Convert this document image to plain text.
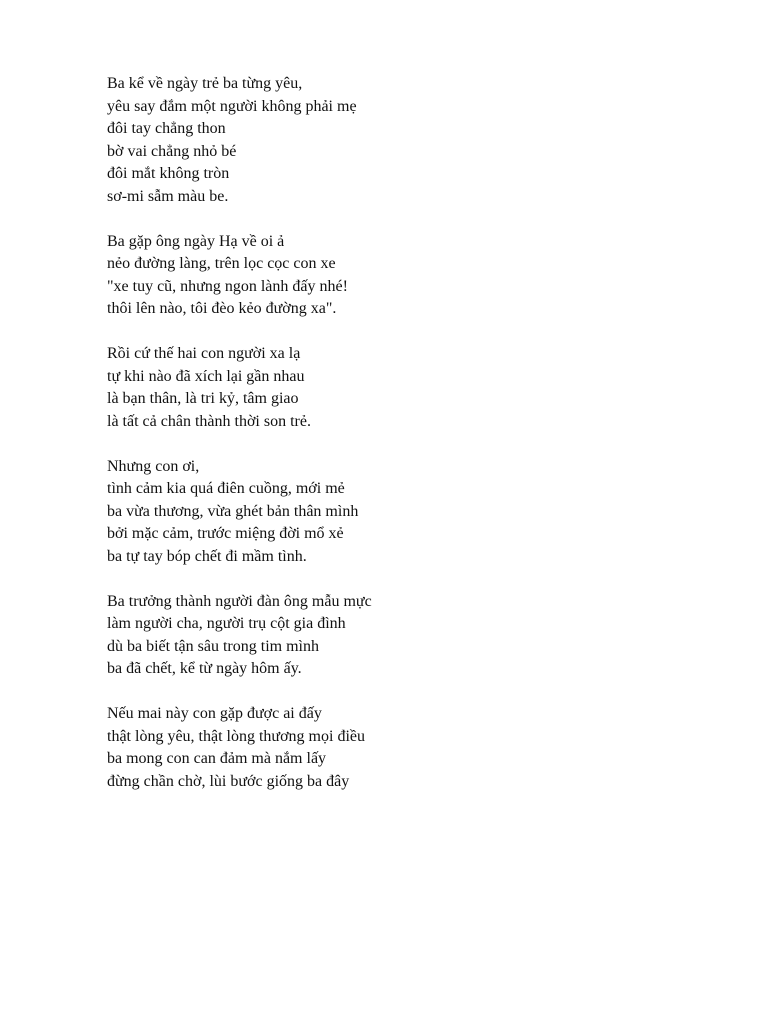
Ba kể về ngày trẻ ba từng yêu,
yêu say đắm một người không phải mẹ
đôi tay chẳng thon
bờ vai chẳng nhỏ bé
đôi mắt không tròn
sơ-mi sẫm màu be.
Ba gặp ông ngày Hạ về oi ả
nẻo đường làng, trên lọc cọc con xe
"xe tuy cũ, nhưng ngon lành đấy nhé!
thôi lên nào, tôi đèo kẻo đường xa".
Rồi cứ thế hai con người xa lạ
tự khi nào đã xích lại gần nhau
là bạn thân, là tri kỷ, tâm giao
là tất cả chân thành thời son trẻ.
Nhưng con ơi,
tình cảm kia quá điên cuồng, mới mẻ
ba vừa thương, vừa ghét bản thân mình
bởi mặc cảm, trước miệng đời mổ xẻ
ba tự tay bóp chết đi mầm tình.
Ba trưởng thành người đàn ông mẫu mực
làm người cha, người trụ cột gia đình
dù ba biết tận sâu trong tim mình
ba đã chết, kể từ ngày hôm ấy.
Nếu mai này con gặp được ai đấy
thật lòng yêu, thật lòng thương mọi điều
ba mong con can đảm mà nắm lấy
đừng chần chờ, lùi bước giống ba đây
